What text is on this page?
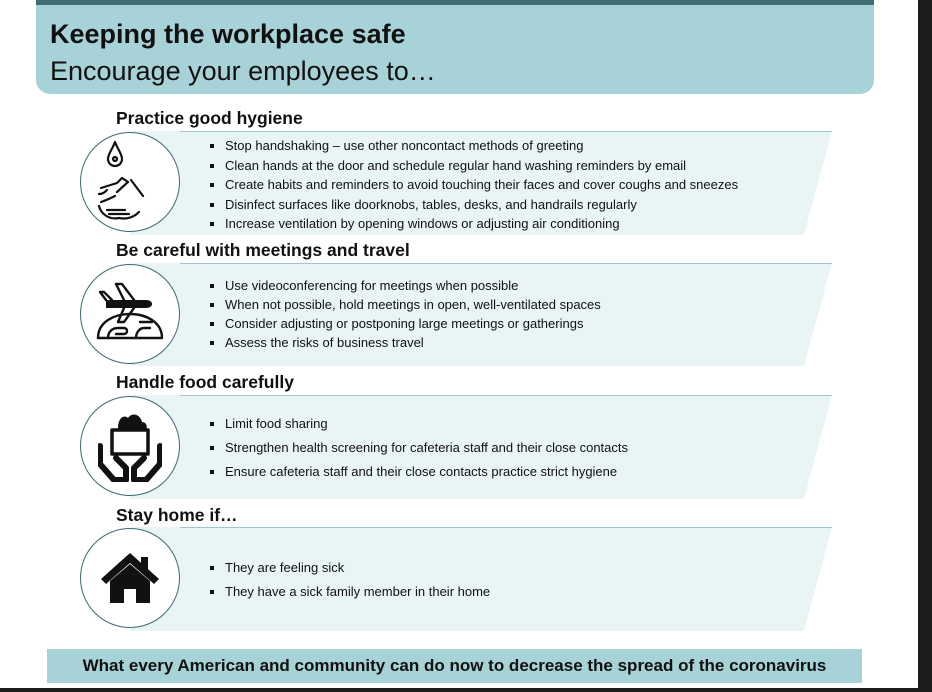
Keeping the workplace safe
Encourage your employees to…
Practice good hygiene
Stop handshaking – use other noncontact methods of greeting
Clean hands at the door and schedule regular hand washing reminders by email
Create habits and reminders to avoid touching their faces and cover coughs and sneezes
Disinfect surfaces like doorknobs, tables, desks, and handrails regularly
Increase ventilation by opening windows or adjusting air conditioning
Be careful with meetings and travel
Use videoconferencing for meetings when possible
When not possible, hold meetings in open, well-ventilated spaces
Consider adjusting or postponing large meetings or gatherings
Assess the risks of business travel
Handle food carefully
Limit food sharing
Strengthen health screening for cafeteria staff and their close contacts
Ensure cafeteria staff and their close contacts practice strict hygiene
Stay home if…
They are feeling sick
They have a sick family member in their home
What every American and community can do now to decrease the spread of the coronavirus
